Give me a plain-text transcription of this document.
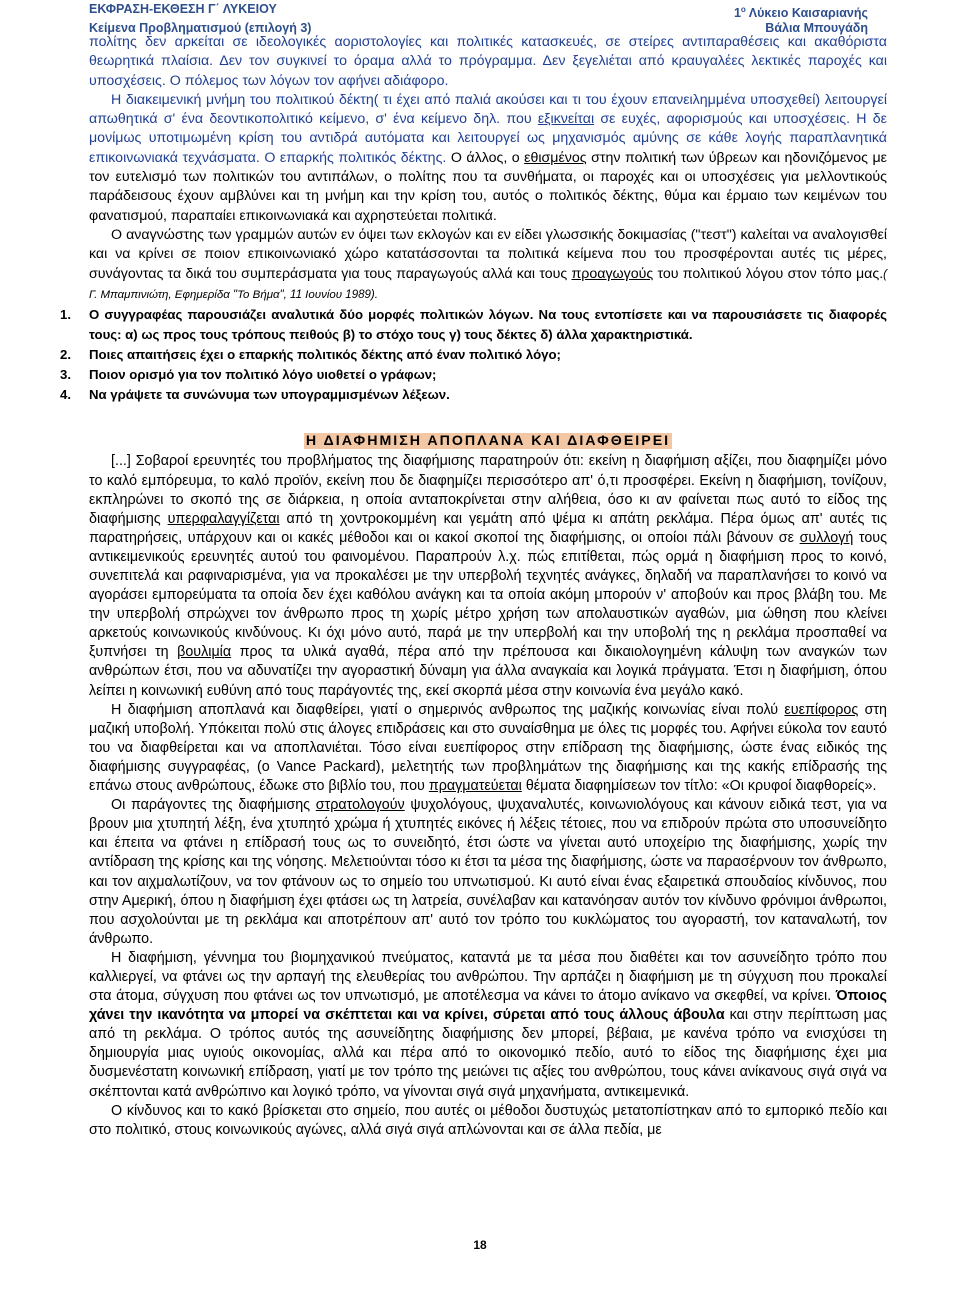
ΕΚΦΡΑΣΗ-ΕΚΘΕΣΗ Γ΄ ΛΥΚΕΙΟΥ	$1^o$ Λύκειο Καισαριανής
Κείμενα Προβληματισμού (επιλογή 3)	Βάλια Μπουγάδη

πολίτης δεν αρκείται σε ιδεολογικές αοριστολογίες και πολιτικές κατασκευές, σε στείρες αντιπαραθέσεις και ακαθόριστα θεωρητικά πλαίσια. Δεν τον συγκινεί το όραμα αλλά το πρόγραμμα. Δεν ξεγελιέται από κραυγαλέες λεκτικές παροχές και υποσχέσεις. Ο πόλεμος των λόγων τον αφήνει αδιάφορο.

Η διακειμενική μνήμη του πολιτικού δέκτη( τι έχει από παλιά ακούσει και τι του έχουν επανειλημμένα υποσχεθεί) λειτουργεί απωθητικά σ' ένα δεοντικοπολιτικό κείμενο, σ' ένα κείμενο δηλ. που εξικνείται σε ευχές, αφορισμούς και υποσχέσεις. Η δε μονίμως υποτιμωμένη κρίση του αντιδρά αυτόματα και λειτουργεί ως μηχανισμός αμύνης σε κάθε λογής παραπλανητικά επικοινωνιακά τεχνάσματα. Ο επαρκής πολιτικός δέκτης. Ο άλλος, ο εθισμένος στην πολιτική των ύβρεων και ηδονιζόμενος με τον ευτελισμό των πολιτικών του αντιπάλων, ο πολίτης που τα συνθήματα, οι παροχές και οι υποσχέσεις για μελλοντικούς παράδεισους έχουν αμβλύνει και τη μνήμη και την κρίση του, αυτός ο πολιτικός δέκτης, θύμα και έρμαιο των κειμένων του φανατισμού, παραπαίει επικοινωνιακά και αχρηστεύεται πολιτικά.

Ο αναγνώστης των γραμμών αυτών εν όψει των εκλογών και εν είδει γλωσσικής δοκιμασίας ("τεστ") καλείται να αναλογισθεί και να κρίνει σε ποιον επικοινωνιακό χώρο κατατάσσονται τα πολιτικά κείμενα που του προσφέρονται αυτές τις μέρες, συνάγοντας τα δικά του συμπεράσματα για τους παραγωγούς αλλά και τους προαγωγούς του πολιτικού λόγου στον τόπο μας.( Γ. Μπαμπινιώτη, Εφημερίδα "Το Βήμα", 11 Ιουνίου 1989).

1. Ο συγγραφέας παρουσιάζει αναλυτικά δύο μορφές πολιτικών λόγων. Να τους εντοπίσετε και να παρουσιάσετε τις διαφορές τους: α) ως προς τους τρόπους πειθούς β) το στόχο τους γ) τους δέκτες δ) άλλα χαρακτηριστικά.
2. Ποιες απαιτήσεις έχει ο επαρκής πολιτικός δέκτης από έναν πολιτικό λόγο;
3. Ποιον ορισμό για τον πολιτικό λόγο υιοθετεί ο γράφων;
4. Να γράψετε τα συνώνυμα των υπογραμμισμένων λέξεων.
Η ΔΙΑΦΗΜΙΣΗ ΑΠΟΠΛΑΝΑ ΚΑΙ ΔΙΑΦΘΕΙΡΕΙ

[...] Σοβαροί ερευνητές του προβλήματος της διαφήμισης παρατηρούν ότι: εκείνη η διαφήμιση αξίζει, που διαφημίζει μόνο το καλό εμπόρευμα, το καλό προϊόν, εκείνη που δε διαφημίζει περισσότερο απ' ό,τι προσφέρει. Εκείνη η διαφήμιση, τονίζουν, εκπληρώνει το σκοπό της σε διάρκεια, η οποία ανταποκρίνεται στην αλήθεια, όσο κι αν φαίνεται πως αυτό το είδος της διαφήμισης υπερφαλαγγίζεται από τη χοντροκομμένη και γεμάτη από ψέμα κι απάτη ρεκλάμα. Πέρα όμως απ' αυτές τις παρατηρήσεις, υπάρχουν και οι κακές μέθοδοι και οι κακοί σκοποί της διαφήμισης, οι οποίοι πάλι βάνουν σε συλλογή τους αντικειμενικούς ερευνητές αυτού του φαινομένου. Παραπρούν λ.χ. πώς επιτίθεται, πώς ορμά η διαφήμιση προς το κοινό, συνεπιτελά και ραφιναρισμένα, για να προκαλέσει με την υπερβολή τεχνητές ανάγκες, δηλαδή να παραπλανήσει το κοινό να αγοράσει εμπορεύματα τα οποία δεν έχει καθόλου ανάγκη και τα οποία ακόμη μπορούν ν' αποβούν και προς βλάβη του. Με την υπερβολή σπρώχνει τον άνθρωπο προς τη χωρίς μέτρο χρήση των απολαυστικών αγαθών, μια ώθηση που κλείνει αρκετούς κοινωνικούς κινδύνους. Κι όχι μόνο αυτό, παρά με την υπερβολή και την υποβολή της η ρεκλάμα προσπαθεί να ξυπνήσει τη βουλιμία προς τα υλικά αγαθά, πέρα από την πρέπουσα και δικαιολογημένη κάλυψη των αναγκών των ανθρώπων έτσι, που να αδυνατίζει την αγοραστική δύναμη για άλλα αναγκαία και λογικά πράγματα. Έτσι η διαφήμιση, όπου λείπει η κοινωνική ευθύνη από τους παράγοντές της, εκεί σκορπά μέσα στην κοινωνία ένα μεγάλο κακό.

Η διαφήμιση αποπλανά και διαφθείρει, γιατί ο σημερινός ανθρωπος της μαζικής κοινωνίας είναι πολύ ευεπίφορος στη μαζική υποβολή. Υπόκειται πολύ στις άλογες επιδράσεις και στο συναίσθημα με όλες τις μορφές του. Αφήνει εύκολα τον εαυτό του να διαφθείρεται και να αποπλανιέται. Τόσο είναι ευεπίφορος στην επίδραση της διαφήμισης, ώστε ένας ειδικός της διαφήμισης συγγραφέας, (ο Vance Packard), μελετητής των προβλημάτων της διαφήμισης και της κακής επίδρασής της επάνω στους ανθρώπους, έδωκε στο βιβλίο του, που πραγματεύεται θέματα διαφημίσεων τον τίτλο: «Οι κρυφοί διαφθορείς».

Οι παράγοντες της διαφήμισης στρατολογούν ψυχολόγους, ψυχαναλυτές, κοινωνιολόγους και κάνουν ειδικά τεστ, για να βρουν μια χτυπητή λέξη, ένα χτυπητό χρώμα ή χτυπητές εικόνες ή λέξεις τέτοιες, που να επιδρούν πρώτα στο υποσυνείδητο και έπειτα να φτάνει η επίδρασή τους ως το συνειδητό, έτσι ώστε να γίνεται αυτό υποχείριο της διαφήμισης, χωρίς την αντίδραση της κρίσης και της νόησης. Μελετιούνται τόσο κι έτσι τα μέσα της διαφήμισης, ώστε να παρασέρνουν τον άνθρωπο, και τον αιχμαλωτίζουν, να τον φτάνουν ως το σημείο του υπνωτισμού. Κι αυτό είναι ένας εξαιρετικά σπουδαίος κίνδυνος, που στην Αμερική, όπου η διαφήμιση έχει φτάσει ως τη λατρεία, συνέλαβαν και κατανόησαν αυτόν τον κίνδυνο φρόνιμοι άνθρωποι, που ασχολούνται με τη ρεκλάμα και αποτρέπουν απ' αυτό τον τρόπο του κυκλώματος του αγοραστή, τον καταναλωτή, τον άνθρωπο.

Η διαφήμιση, γέννημα του βιομηχανικού πνεύματος, καταντά με τα μέσα που διαθέτει και τον ασυνείδητο τρόπο που καλλιεργεί, να φτάνει ως την αρπαγή της ελευθερίας του ανθρώπου. Την αρπάζει η διαφήμιση με τη σύγχυση που προκαλεί στα άτομα, σύγχυση που φτάνει ως τον υπνωτισμό, με αποτέλεσμα να κάνει το άτομο ανίκανο να σκεφθεί, να κρίνει. Όποιος χάνει την ικανότητα να μπορεί να σκέπτεται και να κρίνει, σύρεται από τους άλλους άβουλα και στην περίπτωση μας από τη ρεκλάμα. Ο τρόπος αυτός της ασυνείδητης διαφήμισης δεν μπορεί, βέβαια, με κανένα τρόπο να ενισχύσει τη δημιουργία μιας υγιούς οικονομίας, αλλά και πέρα από το οικονομικό πεδίο, αυτό το είδος της διαφήμισης έχει μια δυσμενέστατη κοινωνική επίδραση, γιατί με τον τρόπο της μειώνει τις αξίες του ανθρώπου, τους κάνει ανίκανους σιγά σιγά να σκέπτονται κατά ανθρώπινο και λογικό τρόπο, να γίνονται σιγά σιγά μηχανήματα, αντικειμενικά.

Ο κίνδυνος και το κακό βρίσκεται στο σημείο, που αυτές οι μέθοδοι δυστυχώς μετατοπίστηκαν από το εμπορικό πεδίο και στο πολιτικό, στους κοινωνικούς αγώνες, αλλά σιγά σιγά απλώνονται και σε άλλα πεδία, με

18
